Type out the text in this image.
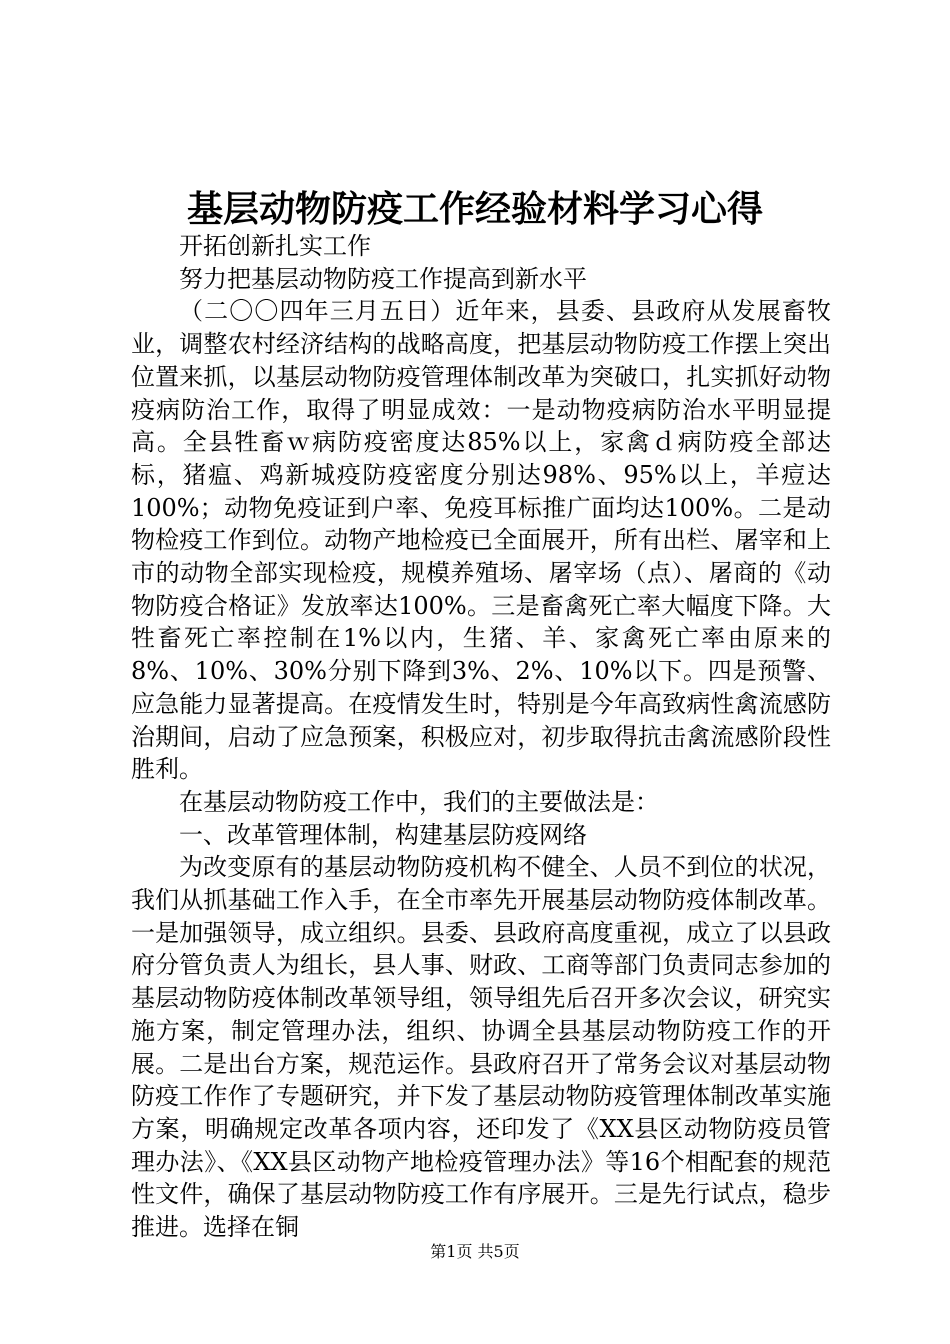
基层动物防疫工作经验材料学习心得

开拓创新扎实工作

努力把基层动物防疫工作提高到新水平

（二〇〇四年三月五日）近年来，县委、县政府从发展畜牧业，调整农村经济结构的战略高度，把基层动物防疫工作摆上突出位置来抓，以基层动物防疫管理体制改革为突破口，扎实抓好动物疫病防治工作，取得了明显成效：一是动物疫病防治水平明显提高。全县牲畜ｗ病防疫密度达85%以上，家禽ｄ病防疫全部达标，猪瘟、鸡新城疫防疫密度分别达98%、95%以上，羊痘达100%；动物免疫证到户率、免疫耳标推广面均达100%。二是动物检疫工作到位。动物产地检疫已全面展开，所有出栏、屠宰和上市的动物全部实现检疫，规模养殖场、屠宰场（点）、屠商的《动物防疫合格证》发放率达100%。三是畜禽死亡率大幅度下降。大牲畜死亡率控制在1%以内，生猪、羊、家禽死亡率由原来的8%、10%、30%分别下降到3%、2%、10%以下。四是预警、应急能力显著提高。在疫情发生时，特别是今年高致病性禽流感防治期间，启动了应急预案，积极应对，初步取得抗击禽流感阶段性胜利。

在基层动物防疫工作中，我们的主要做法是：

一、改革管理体制，构建基层防疫网络

为改变原有的基层动物防疫机构不健全、人员不到位的状况，我们从抓基础工作入手，在全市率先开展基层动物防疫体制改革。一是加强领导，成立组织。县委、县政府高度重视，成立了以县政府分管负责人为组长，县人事、财政、工商等部门负责同志参加的基层动物防疫体制改革领导组，领导组先后召开多次会议，研究实施方案，制定管理办法，组织、协调全县基层动物防疫工作的开展。二是出台方案，规范运作。县政府召开了常务会议对基层动物防疫工作作了专题研究，并下发了基层动物防疫管理体制改革实施方案，明确规定改革各项内容，还印发了《XX县区动物防疫员管理办法》、《XX县区动物产地检疫管理办法》等16个相配套的规范性文件，确保了基层动物防疫工作有序展开。三是先行试点，稳步推进。选择在铜

第1页 共5页
